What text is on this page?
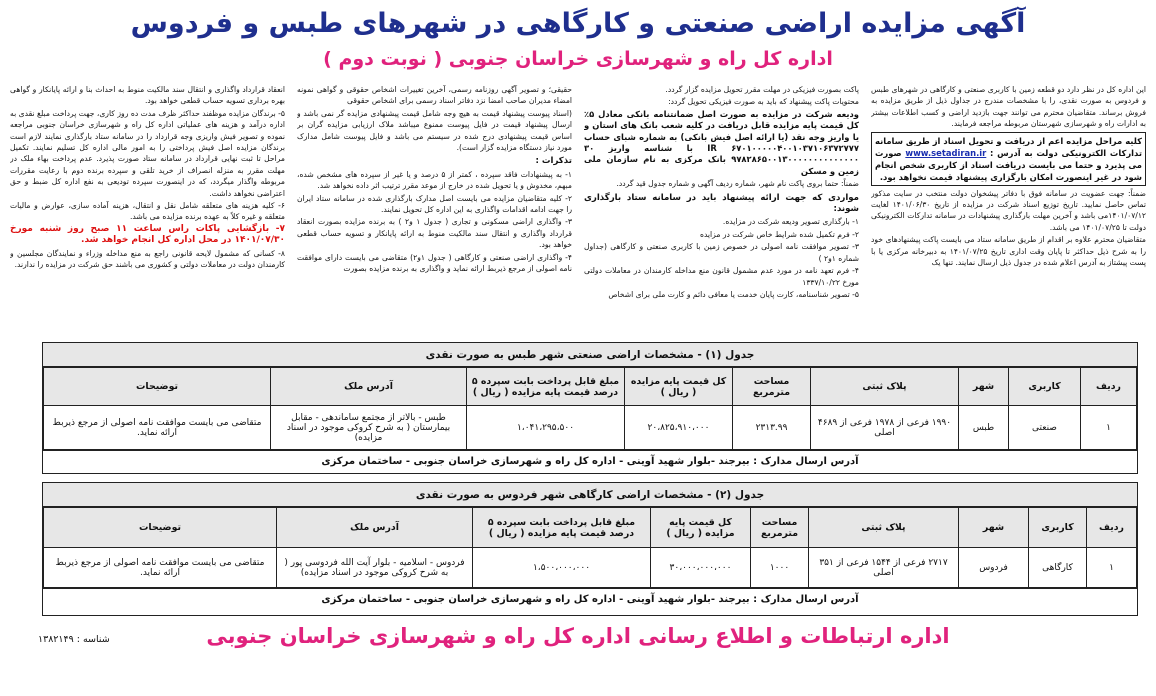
آگهی مزایده اراضی صنعتی و کارگاهی در شهرهای طبس و فردوس
اداره کل راه و شهرسازی خراسان جنوبی ( نوبت دوم )

این اداره کل در نظر دارد دو قطعه زمین با کاربری صنعتی و کارگاهی در شهرهای طبس و فردوس به صورت نقدی، را با مشخصات مندرج در جداول ذیل از طریق مزایده به فروش برساند. متقاضیان محترم می توانند جهت بازدید اراضی و کسب اطلاعات بیشتر به ادارات راه و شهرسازی شهرستان مربوطه مراجعه فرمایند.

کلیه مراحل مزایده اعم از دریافت و تحویل اسناد از طریق سامانه تدارکات الکترونیکی دولت به آدرس : www.setadiran.ir صورت می پذیرد و حتما می بایست دریافت اسناد از کاربری شخص انجام شود در غیر اینصورت امکان بارگزاری پیشنهاد قیمت نخواهد بود.

ضمناً: جهت عضویت در سامانه فوق با دفاتر پیشخوان دولت منتخب در سایت مذکور تماس حاصل نمایید. تاریخ توزیع اسناد شرکت در مزایده از تاریخ ۱۴۰۱/۰۶/۳۰ لغایت ۱۴۰۱/۰۷/۱۲می باشد و آخرین مهلت بارگذاری پیشنهادات در سامانه تدارکات الکترونیکی دولت تا ۱۴۰۱/۰۷/۲۵ می باشد.

متقاضیان محترم علاوه بر اقدام از طریق سامانه ستاد می بایست پاکت پیشنهادهای خود را به شرح ذیل حداکثر تا پایان وقت اداری تاریخ ۱۴۰۱/۰۷/۲۵ به دبیرخانه مرکزی یا با پست پیشتاز به آدرس اعلام شده در جدول ذیل ارسال نمایند. تنها یک

پاکت بصورت فیزیکی در مهلت مقرر تحویل مزایده گزار گردد.

محتویات پاکت پیشنهاد که باید به صورت فیزیکی تحویل گردد:

ودیعه شرکت در مزایده به صورت اصل ضمانتنامه بانکی معادل ۵٪ کل قیمت پایه مزایده قابل دریافت در کلیه شعب بانک های استان و یا واریز وجه نقد (یا ارائه اصل فیش بانکی) به شماره شبای حساب IR ۶۷۰۱۰۰۰۰۰۴۰۰۱۰۳۷۱۰۶۳۷۲۷۷۷ با شناسه واریز ۳۰ ۹۷۸۲۸۶۵۰۰۱۳۰۰۰۰۰۰۰۰۰۰۰۰۰۰ بانک مرکزی به نام سازمان ملی زمین و مسکن

ضمناً: حتما بروی پاکت نام شهر، شماره ردیف آگهی و شماره جدول قید گردد.

مواردی که جهت ارائه پیشنهاد باید در سامانه ستاد بارگذاری شوند:

۱- بارگذاری تصویر ودیعه شرکت در مزایده.

۲- فرم تکمیل شده شرایط خاص شرکت در مزایده

۳- تصویر موافقت نامه اصولی در خصوص زمین با کاربری صنعتی و کارگاهی (جداول شماره ۱و۲ )

۴- فرم تعهد نامه در مورد عدم مشمول قانون منع مداخله کارمندان در معاملات دولتی مورخ ۱۳۳۷/۱۰/۲۲

۵- تصویر شناسنامه، کارت پایان خدمت یا معافی دائم و کارت ملی برای اشخاص

حقیقی؛ و تصویر آگهی روزنامه رسمی، آخرین تغییرات اشخاص حقوقی و گواهی نمونه امضاء مدیران صاحب امضا نزد دفاتر اسناد رسمی برای اشخاص حقوقی

(اسناد پیوست پیشنهاد قیمت به هیچ وجه شامل قیمت پیشنهادی مزایده گر نمی باشد و ارسال پیشنهاد قیمت در فایل پیوست ممنوع میباشد ملاک ارزیابی مزایده گران بر اساس قیمت پیشنهادی درج شده در سیستم می باشد و فایل پیوست شامل مدارک مورد نیاز دستگاه مزایده گزار است).

تذکرات :

۱- به پیشنهادات فاقد سپرده ، کمتر از ۵ درصد و یا غیر از سپرده های مشخص شده، مبهم، مخدوش و یا تحویل شده در خارج از موعد مقرر ترتیب اثر داده نخواهد شد.

۲- کلیه متقاضیان مزایده می بایست اصل مدارک بارگذاری شده در سامانه ستاد ایران را جهت ادامه اقدامات واگذاری به این اداره کل تحویل نمایند.

۳- واگذاری اراضی مسکونی و تجاری ( جدول ۱ و۲ ) به برنده مزایده بصورت انعقاد قرارداد واگذاری و انتقال سند مالکیت منوط به ارائه پایانکار و تسویه حساب قطعی خواهد بود.

۴- واگذاری اراضی صنعتی و کارگاهی ( جدول ۱و۲) متقاضی می بایست دارای موافقت نامه اصولی از مرجع ذیربط ارائه نماید و واگذاری به برنده مزایده بصورت

انعقاد قرارداد واگذاری و انتقال سند مالکیت منوط به احداث بنا و ارائه پایانکار و گواهی بهره برداری تسویه حساب قطعی خواهد بود.

۵- برندگان مزایده موظفند حداکثر ظرف مدت ده روز کاری، جهت پرداخت مبلغ نقدی به اداره درآمد و هزینه های عملیاتی اداره کل راه و شهرسازی خراسان جنوبی مراجعه نموده و تصویر فیش واریزی وجه قرارداد را در سامانه ستاد بارگذاری نمایند لازم است برندگان مزایده اصل فیش پرداختی را به امور مالی اداره کل تسلیم نمایند. تکمیل مراحل تا ثبت نهایی قرارداد در سامانه ستاد صورت پذیرد. عدم پرداخت بهاء ملک در مهلت مقرر به منزله انصراف از خرید تلقی و سپرده برنده دوم با رعایت مقررات مربوطه واگذار میگردد، که در اینصورت سپرده تودیعی به نفع اداره کل ضبط و حق اعتراضی نخواهد داشت.

۶- کلیه هزینه های متعلقه شامل نقل و انتقال، هزینه آماده سازی، عوارض و مالیات متعلقه و غیره کلاً به عهده برنده مزایده می باشد.

۷- بازگشایی پاکات راس ساعت ۱۱ صبح روز شنبه مورخ ۱۴۰۱/۰۷/۳۰ در محل اداره کل انجام خواهد شد.

۸- کسانی که مشمول لایحه قانونی راجع به منع مداخله وزراء و نمایندگان مجلسین و کارمندان دولت در معاملات دولتی و کشوری می باشند حق شرکت در مزایده را ندارند.

جدول (۱) - مشخصات اراضی صنعتی شهر طبس به صورت نقدی
ردیف	کاربری	شهر	پلاک ثبتی	مساحت مترمربع	کل قیمت پایه مزایده ( ریال )	مبلغ قابل پرداخت بابت سپرده ۵ درصد قیمت پایه مزایده ( ریال )	آدرس ملک	توضیحات
۱	صنعتی	طبس	۱۹۹۰ فرعی از ۱۹۷۸ فرعی از ۴۶۸۹ اصلی	۲۳۱۳.۹۹	۲۰،۸۲۵،۹۱۰،۰۰۰	۱،۰۴۱،۲۹۵،۵۰۰	طبس - بالاتر از مجتمع ساماندهی - مقابل بیمارستان ( به شرح کروکی موجود در اسناد مزایده)	متقاضی می بایست موافقت نامه اصولی از مرجع ذیربط ارائه نماید.
آدرس ارسال مدارک : بیرجند -بلوار شهید آوینی - اداره کل راه و شهرسازی خراسان جنوبی - ساختمان مرکزی
جدول (۲) - مشخصات اراضی کارگاهی شهر فردوس به صورت نقدی
ردیف	کاربری	شهر	پلاک ثبتی	مساحت مترمربع	کل قیمت پایه مزایده ( ریال )	مبلغ قابل پرداخت بابت سپرده ۵ درصد قیمت پایه مزایده ( ریال )	آدرس ملک	توضیحات
۱	کارگاهی	فردوس	۲۷۱۷ فرعی از ۱۵۴۴ فرعی از ۳۵۱ اصلی	۱۰۰۰	۳۰،۰۰۰،۰۰۰،۰۰۰	۱،۵۰۰،۰۰۰،۰۰۰	فردوس - اسلامیه - بلوار آیت الله فردوسی پور ( به شرح کروکی موجود در اسناد مزایده)	متقاضی می بایست موافقت نامه اصولی از مرجع ذیربط ارائه نماید.
آدرس ارسال مدارک : بیرجند -بلوار شهید آوینی - اداره کل راه و شهرسازی خراسان جنوبی - ساختمان مرکزی
اداره ارتباطات و اطلاع رسانی اداره کل راه و شهرسازی خراسان جنوبی
شناسه : ۱۳۸۲۱۴۹
